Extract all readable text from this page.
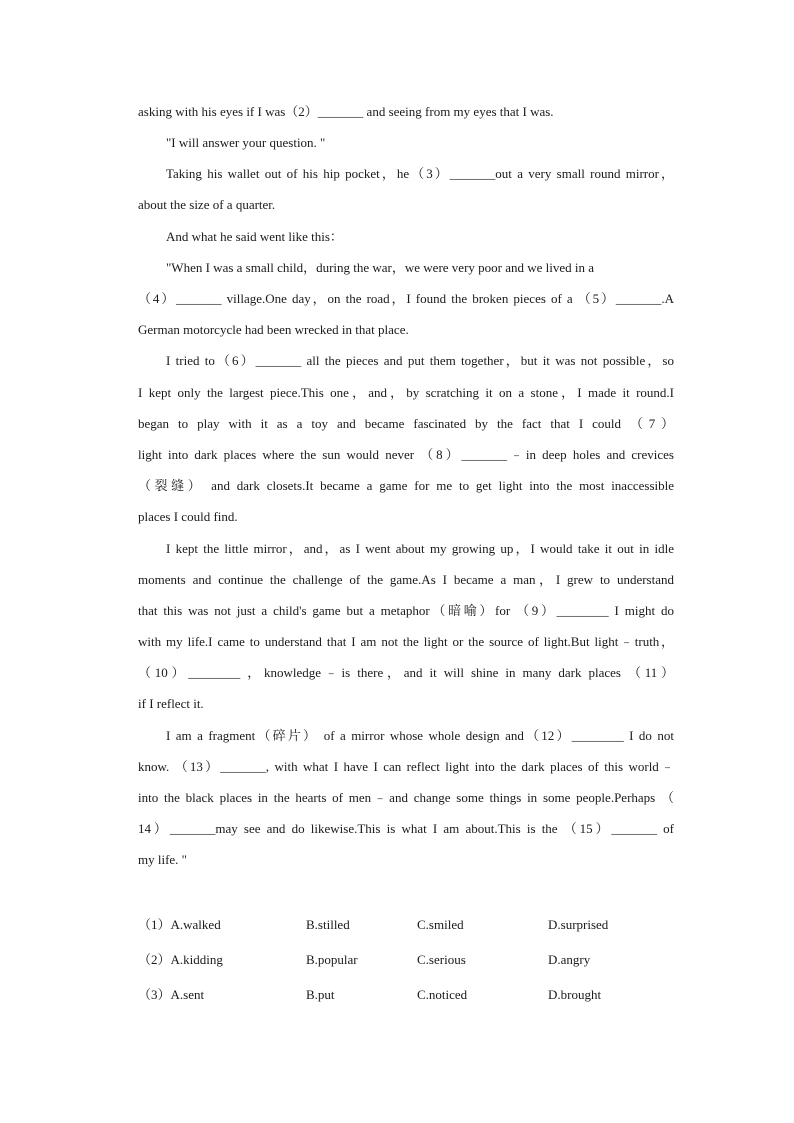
asking with his eyes if I was（2）_______ and seeing from my eyes that I was.
"I will answer your question. "
Taking his wallet out of his hip pocket，he（3）_______out a very small round mirror，
about the size of a quarter.
And what he said went like this：
"When I was a small child，during the war，we were very poor and we lived in a
（4）_______ village.One day，on the road，I found the broken pieces of a （5）_______.A
German motorcycle had been wrecked in that place.
I tried to（6）_______ all the pieces and put them together，but it was not possible，so
I kept only the largest piece.This one，and，by scratching it on a stone，I made it round.I
began to play with it as a toy and became fascinated by the fact that I could （7）
light into dark places where the sun would never （8）_______﹣in deep holes and crevices
（裂缝） and dark closets.It became a game for me to get light into the most inaccessible
places I could find.
I kept the little mirror，and，as I went about my growing up，I would take it out in idle
moments and continue the challenge of the game.As I became a man，I grew to understand
that this was not just a child's game but a metaphor（暗喻）for （9）________ I might do
with my life.I came to understand that I am not the light or the source of light.But light﹣truth，
（10）________ ，knowledge﹣is there，and it will shine in many dark places （11）
if I reflect it.
I am a fragment（碎片） of a mirror whose whole design and（12）________ I do not
know. （13）_______, with what I have I can reflect light into the dark places of this world﹣
into the black places in the hearts of men﹣and change some things in some people.Perhaps （
14）_______may see and do likewise.This is what I am about.This is the （15）_______ of
my life. "
（1）A.walked	B.stilled	C.smiled	D.surprised
（2）A.kidding	B.popular	C.serious	D.angry
（3）A.sent	B.put	C.noticed	D.brought
